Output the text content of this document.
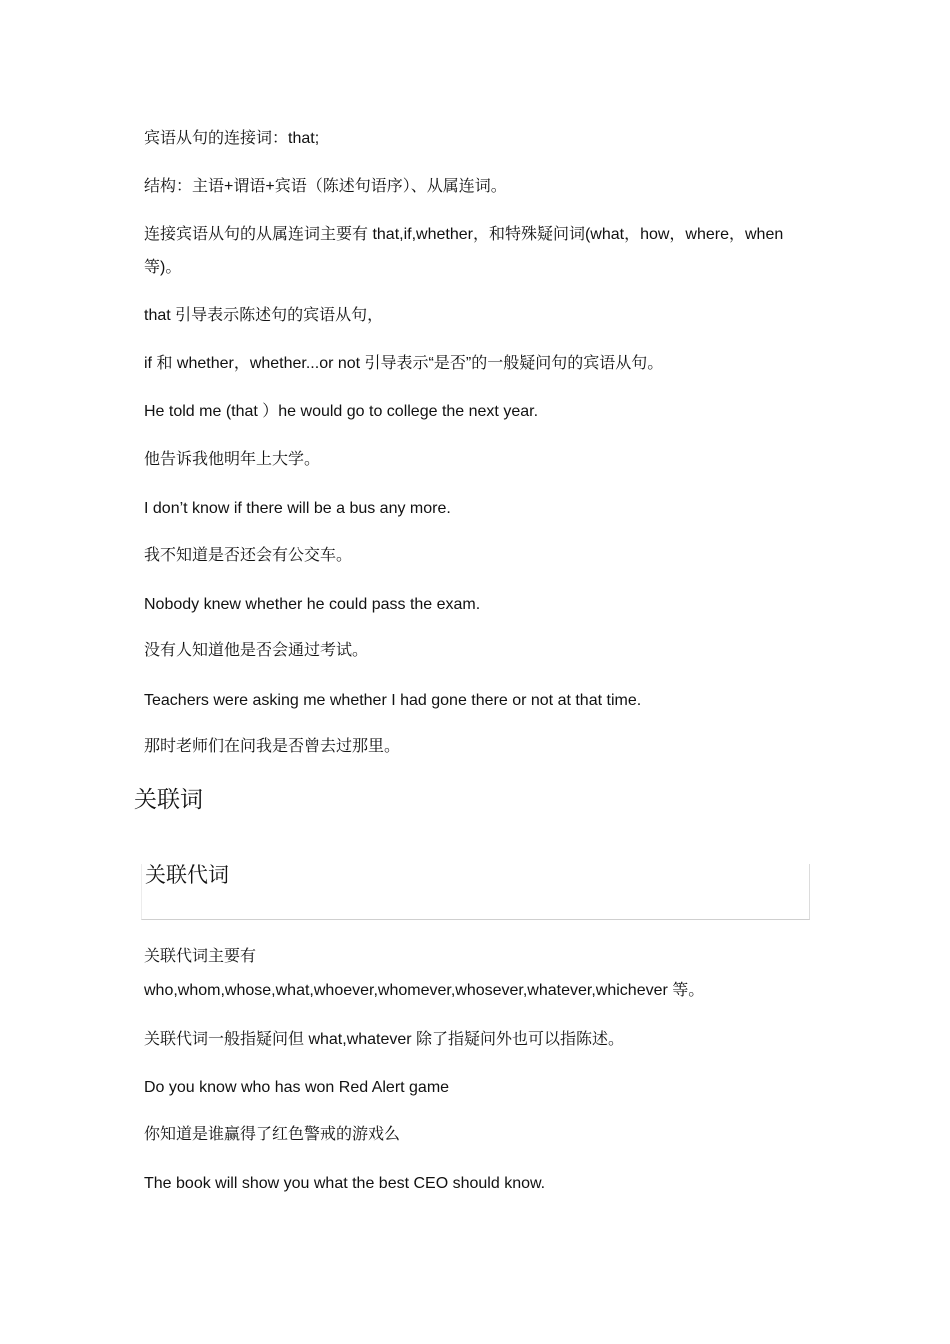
宾语从句的连接词：that;
结构：主语+谓语+宾语（陈述句语序）、从属连词。
连接宾语从句的从属连词主要有 that,if,whether，和特殊疑问词(what，how，where，when 等)。
that 引导表示陈述句的宾语从句，
if 和 whether，whether...or not 引导表示“是否”的一般疑问句的宾语从句。
He told me (that ）he would go to college the next year.
他告诉我他明年上大学。
I don’t know if there will be a bus any more.
我不知道是否还会有公交车。
Nobody knew whether he could pass the exam.
没有人知道他是否会通过考试。
Teachers were asking me whether I had gone there or not at that time.
那时老师们在问我是否曾去过那里。
关联词
关联代词
关联代词主要有
who,whom,whose,what,whoever,whomever,whosever,whatever,whichever 等。
关联代词一般指疑问但 what,whatever 除了指疑问外也可以指陈述。
Do you know who has won Red Alert game
你知道是谁赢得了红色警戒的游戏么
The book will show you what the best CEO should know.
